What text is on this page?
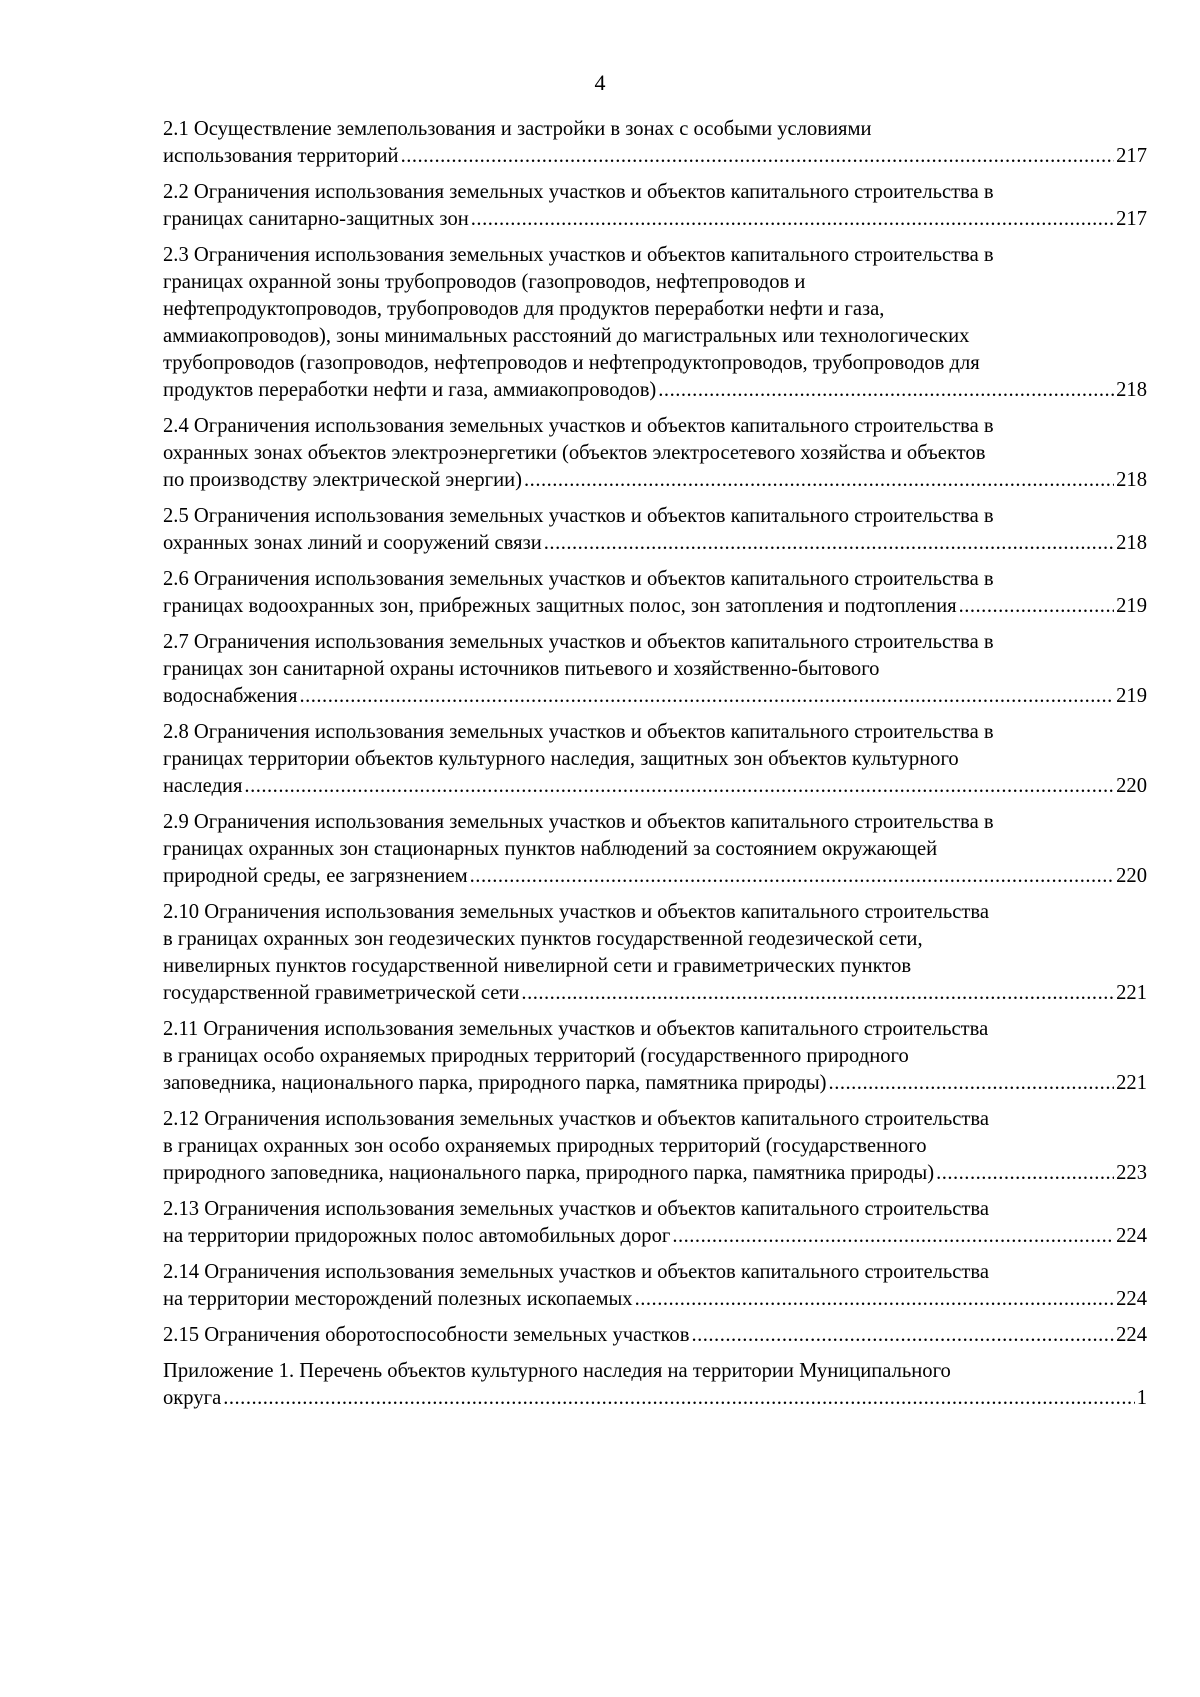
4
2.1 Осуществление землепользования и застройки в зонах с особыми условиями
использования территорий .....	217
2.2 Ограничения использования земельных участков и объектов капитального строительства в
границах санитарно-защитных зон .....	217
2.3 Ограничения использования земельных участков и объектов капитального строительства в
границах охранной зоны трубопроводов (газопроводов, нефтепроводов и
нефтепродуктопроводов, трубопроводов для продуктов переработки нефти и газа,
аммиакопроводов), зоны минимальных расстояний до магистральных или технологических
трубопроводов (газопроводов, нефтепроводов и нефтепродуктопроводов, трубопроводов для
продуктов переработки нефти и газа, аммиакопроводов) .....	218
2.4 Ограничения использования земельных участков и объектов капитального строительства в
охранных зонах объектов электроэнергетики (объектов электросетевого хозяйства и объектов
по производству электрической энергии) .....	218
2.5 Ограничения использования земельных участков и объектов капитального строительства в
охранных зонах линий и сооружений связи .....	218
2.6 Ограничения использования земельных участков и объектов капитального строительства в
границах водоохранных зон, прибрежных защитных полос, зон затопления и подтопления .....	219
2.7 Ограничения использования земельных участков и объектов капитального строительства в
границах зон санитарной охраны источников питьевого и хозяйственно-бытового
водоснабжения .....	219
2.8 Ограничения использования земельных участков и объектов капитального строительства в
границах территории объектов культурного наследия, защитных зон объектов культурного
наследия .....	220
2.9 Ограничения использования земельных участков и объектов капитального строительства в
границах охранных зон стационарных пунктов наблюдений за состоянием окружающей
природной среды, ее загрязнением .....	220
2.10 Ограничения использования земельных участков и объектов капитального строительства
в границах охранных зон геодезических пунктов государственной геодезической сети,
нивелирных пунктов государственной нивелирной сети и гравиметрических пунктов
государственной гравиметрической сети .....	221
2.11 Ограничения использования земельных участков и объектов капитального строительства
в границах особо охраняемых природных территорий (государственного природного
заповедника, национального парка, природного парка, памятника природы) .....	221
2.12 Ограничения использования земельных участков и объектов капитального строительства
в границах охранных зон особо охраняемых природных территорий (государственного
природного заповедника, национального парка, природного парка, памятника природы) .....	223
2.13 Ограничения использования земельных участков и объектов капитального строительства
на территории придорожных полос автомобильных дорог .....	224
2.14 Ограничения использования земельных участков и объектов капитального строительства
на территории месторождений полезных ископаемых .....	224
2.15 Ограничения оборотоспособности земельных участков .....	224
Приложение 1. Перечень объектов культурного наследия на территории Муниципального
округа .....	1
